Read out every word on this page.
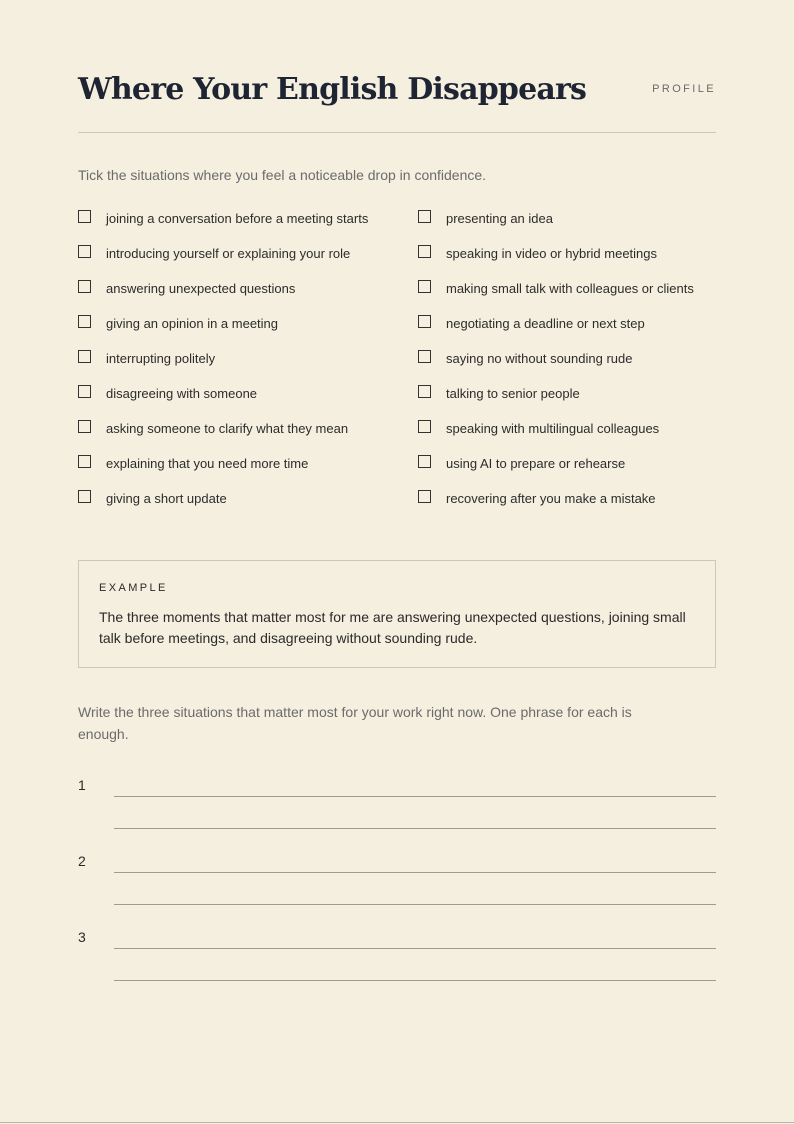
Where Your English Disappears	PROFILE
Tick the situations where you feel a noticeable drop in confidence.
joining a conversation before a meeting starts
introducing yourself or explaining your role
answering unexpected questions
giving an opinion in a meeting
interrupting politely
disagreeing with someone
asking someone to clarify what they mean
explaining that you need more time
giving a short update
presenting an idea
speaking in video or hybrid meetings
making small talk with colleagues or clients
negotiating a deadline or next step
saying no without sounding rude
talking to senior people
speaking with multilingual colleagues
using AI to prepare or rehearse
recovering after you make a mistake
EXAMPLE
The three moments that matter most for me are answering unexpected questions, joining small talk before meetings, and disagreeing without sounding rude.
Write the three situations that matter most for your work right now. One phrase for each is enough.
1
2
3
